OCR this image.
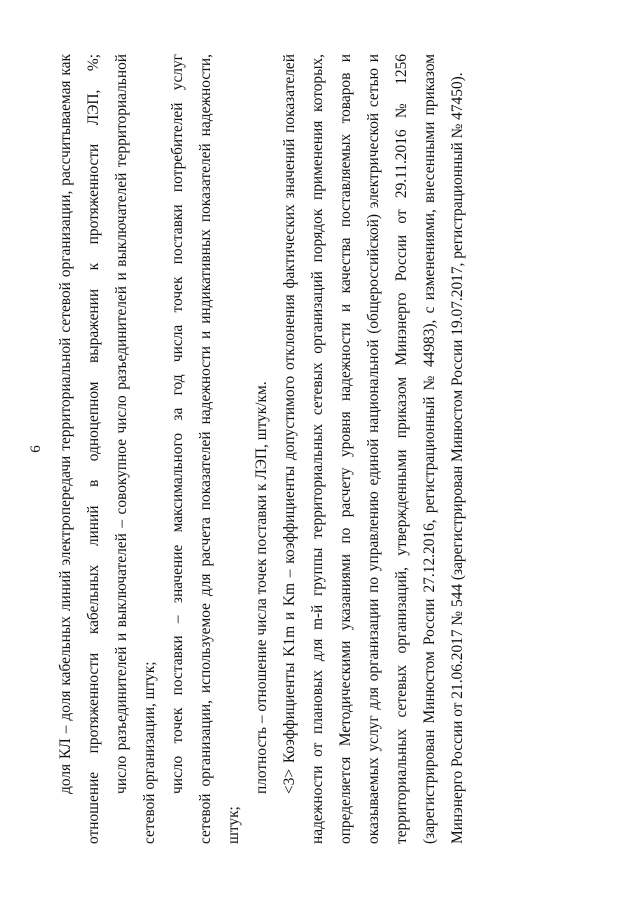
6 доля КЛ – доля кабельных линий электропередачи территориальной сетевой организации, рассчитываемая как отношение протяженности кабельных линий в одноцепном выражении к протяженности ЛЭП, %; число разъединителей и выключателей – совокупное число разъединителей и выключателей территориальной сетевой организации, штук; число точек поставки – значение максимального за год числа точек поставки потребителей услуг сетевой организации, используемое для расчета показателей надежности и индикативных показателей надежности, штук;
плотность – отношение числа точек поставки к ЛЭП, штук/км. <3> Коэффициенты K1m и Km – коэффициенты допустимого отклонения фактических значений показателей надежности от плановых для m-й группы территориальных сетевых организаций порядок применения которых, определяется Методическими указаниями по расчету уровня надежности и качества поставляемых товаров и оказываемых услуг для организации по управлению единой национальной (общероссийской) электрической сетью и территориальных сетевых организаций, утвержденными приказом Минэнерго России от 29.11.2016 № 1256 (зарегистрирован Минюстом России 27.12.2016, регистрационный № 44983), с изменениями, внесенными приказом Минэнерго России от 21.06.2017 № 544 (зарегистрирован Минюстом России 19.07.2017, регистрационный № 47450).
